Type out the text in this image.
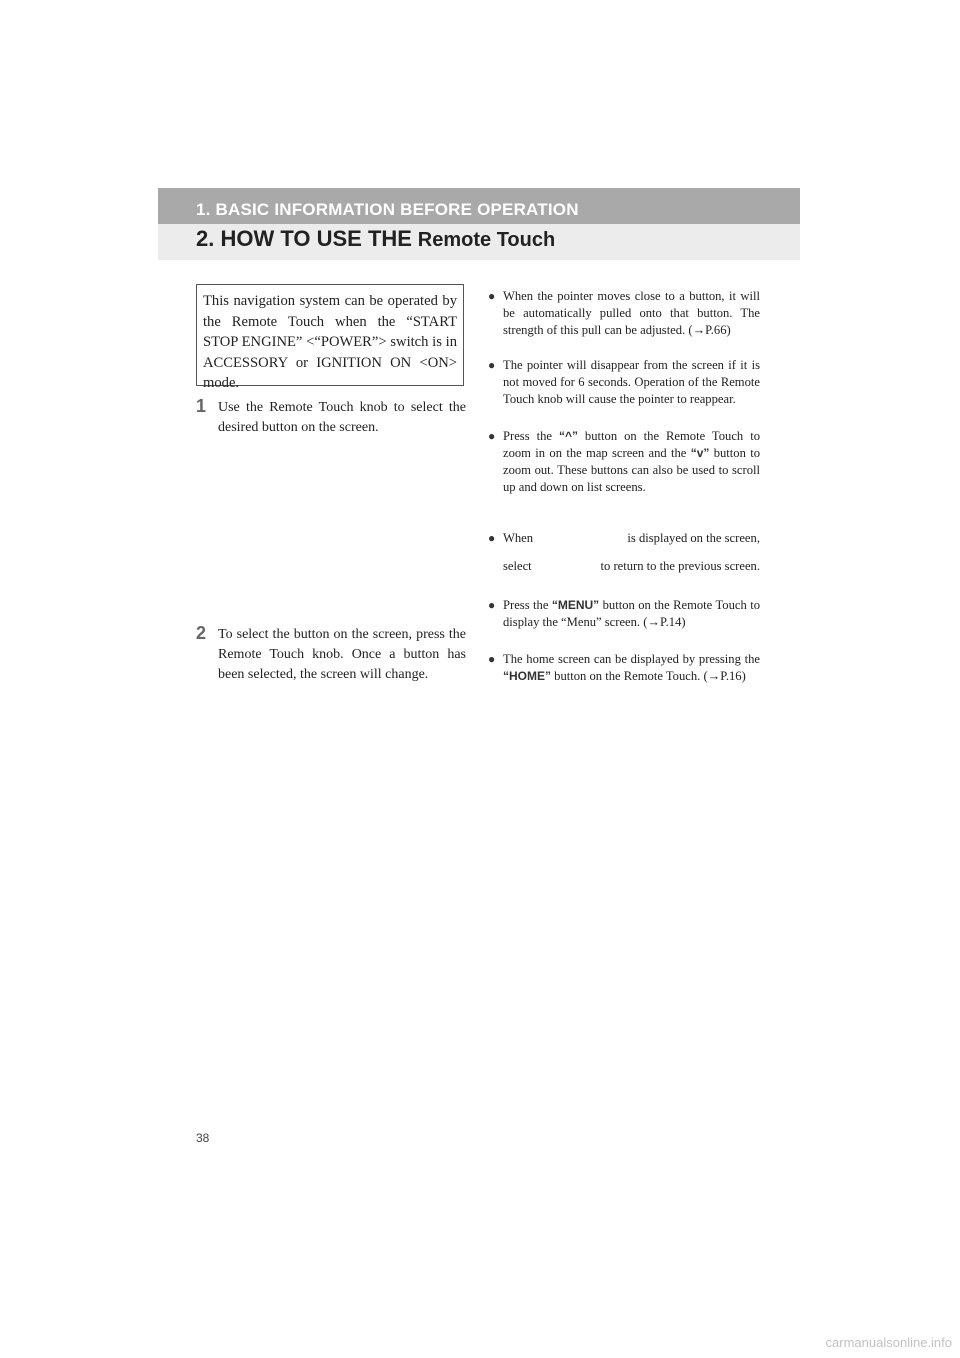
1. BASIC INFORMATION BEFORE OPERATION
2. HOW TO USE THE Remote Touch
This navigation system can be operated by the Remote Touch when the “START STOP ENGINE” <“POWER”> switch is in ACCESSORY or IGNITION ON <ON> mode.
1 Use the Remote Touch knob to select the desired button on the screen.
2 To select the button on the screen, press the Remote Touch knob. Once a button has been selected, the screen will change.
● When the pointer moves close to a button, it will be automatically pulled onto that button. The strength of this pull can be adjusted. (→P.66)
● The pointer will disappear from the screen if it is not moved for 6 seconds. Operation of the Remote Touch knob will cause the pointer to reappear.
● Press the “^” button on the Remote Touch to zoom in on the map screen and the “v” button to zoom out. These buttons can also be used to scroll up and down on list screens.
● When	is displayed on the screen,
select	to return to the previous screen.
● Press the “MENU” button on the Remote Touch to display the “Menu” screen. (→P.14)
● The home screen can be displayed by pressing the “HOME” button on the Remote Touch. (→P.16)
38
carmanualsonline.info
